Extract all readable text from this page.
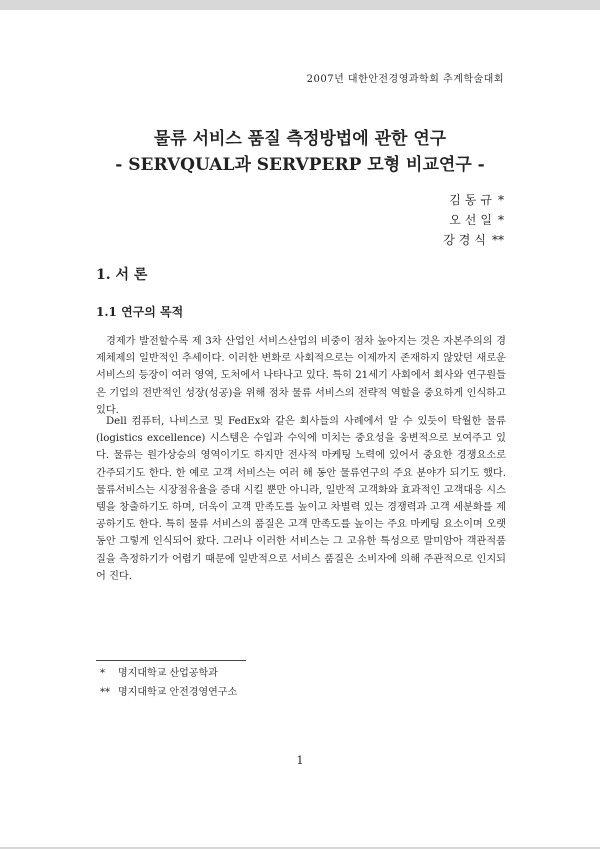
2007년 대한안전경영과학회 추계학술대회
물류 서비스 품질 측정방법에 관한 연구
- SERVQUAL과 SERVPERP 모형 비교연구 -
김동규 *
오선일 *
강경식 **
1. 서 론
1.1 연구의 목적

경제가 발전할수록 제 3차 산업인 서비스산업의 비중이 점차 높아지는 것은 자본주의의 경제체제의 일반적인 추세이다. 이러한 변화로 사회적으로는 이제까지 존재하지 않았던 새로운 서비스의 등장이 여러 영역, 도처에서 나타나고 있다. 특히 21세기 사회에서 회사와 연구원들은 기업의 전반적인 성장(성공)을 위해 점차 물류 서비스의 전략적 역할을 중요하게 인식하고 있다.

Dell 컴퓨터, 나비스코 및 FedEx와 같은 회사들의 사례에서 알 수 있듯이 탁월한 물류(logistics excellence) 시스템은 수입과 수익에 미치는 중요성을 웅변적으로 보여주고 있다. 물류는 원가상승의 영역이기도 하지만 전사적 마케팅 노력에 있어서 중요한 경쟁요소로 간주되기도 한다. 한 예로 고객 서비스는 여러 해 동안 물류연구의 주요 분야가 되기도 했다. 물류서비스는 시장점유율을 증대 시킬 뿐만 아니라, 일반적 고객화와 효과적인 고객대응 시스템을 창출하기도 하며, 더욱이 고객 만족도를 높이고 차별력 있는 경쟁력과 고객 세분화를 제공하기도 한다. 특히 물류 서비스의 품질은 고객 만족도를 높이는 주요 마케팅 요소이며 오랫동안 그렇게 인식되어 왔다. 그러나 이러한 서비스는 그 고유한 특성으로 말미암아 객관적품질을 측정하기가 어렵기 때문에 일반적으로 서비스 품질은 소비자에 의해 주관적으로 인지되어 진다.

* 명지대학교 산업공학과
** 명지대학교 안전경영연구소
1
